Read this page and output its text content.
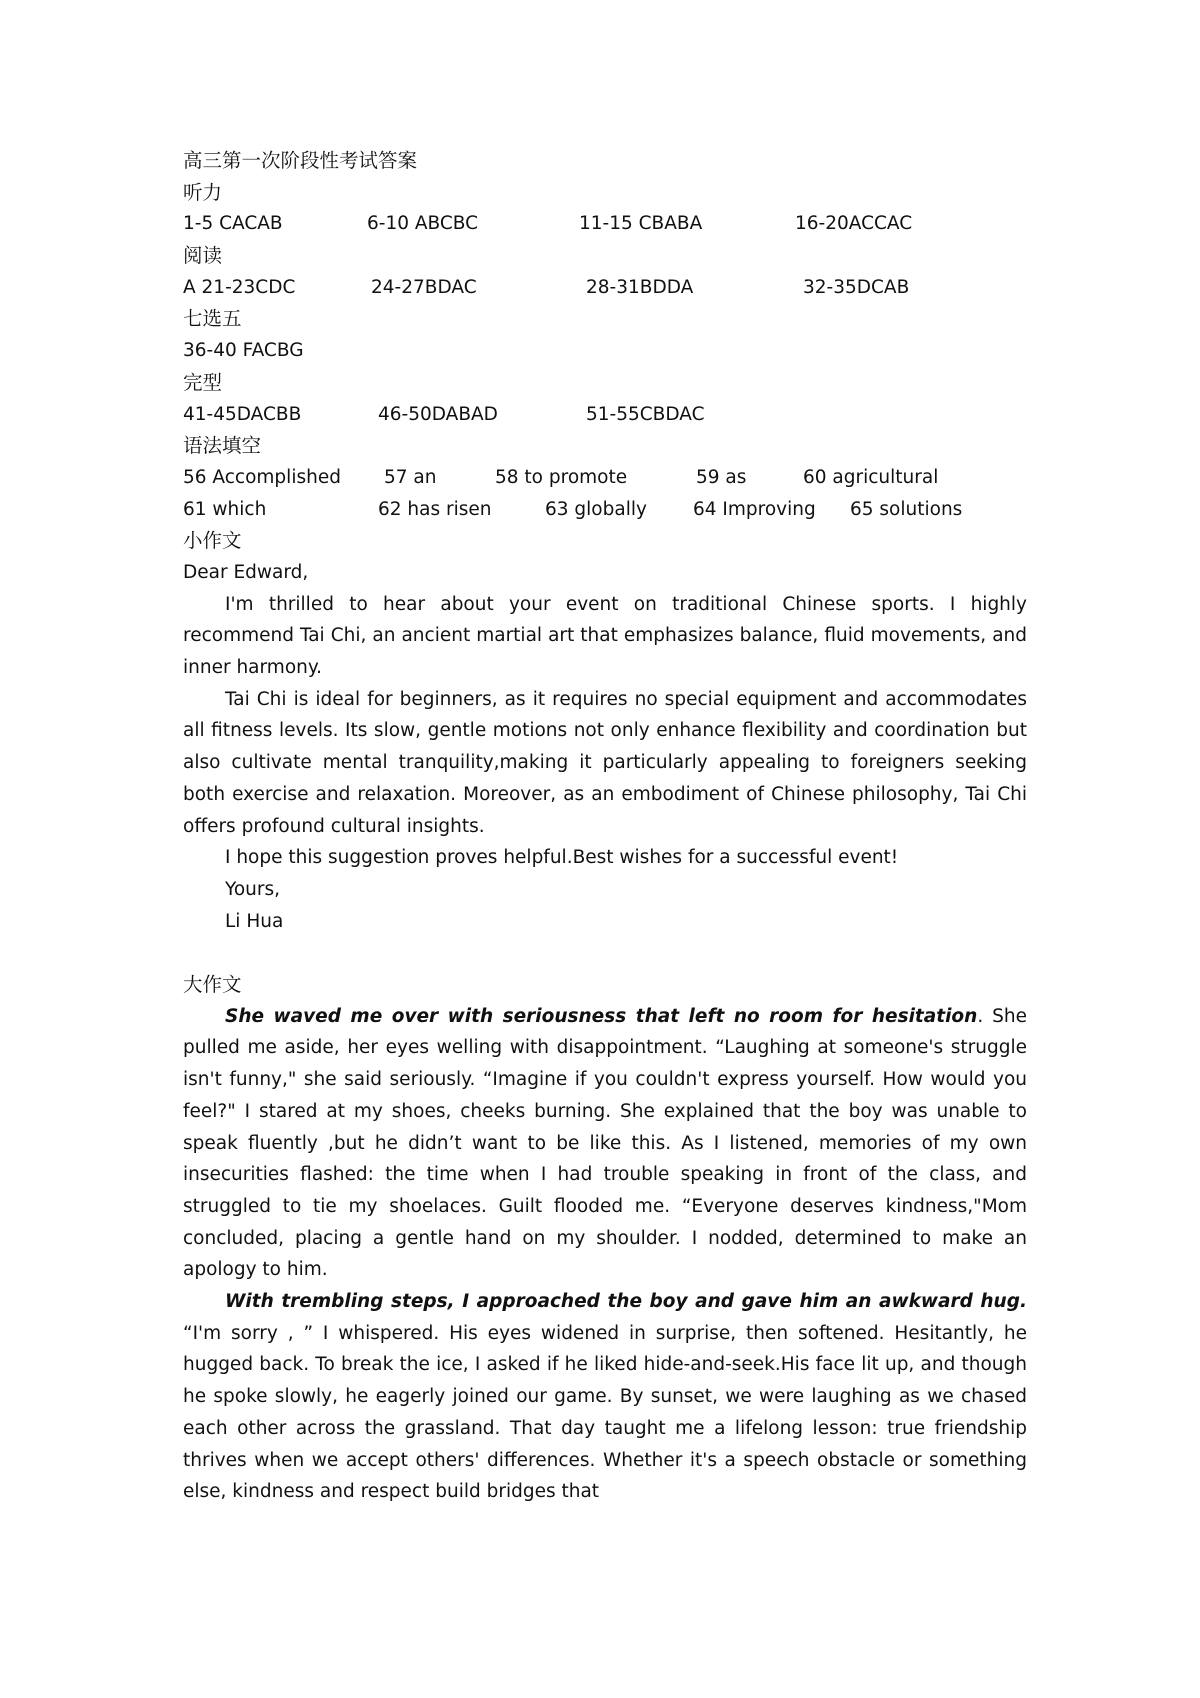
高三第一次阶段性考试答案
听力
1-5 CACAB	6-10 ABCBC	11-15 CBABA	16-20ACCAC
阅读
A 21-23CDC	24-27BDAC	28-31BDDA	32-35DCAB
七选五
36-40 FACBG
完型
41-45DACBB	46-50DABAD	51-55CBDAC
语法填空
56 Accomplished 57 an	58 to promote	59 as	60 agricultural
61 which	62 has risen	63 globally 64 Improving 65 solutions
小作文
Dear Edward,

I'm thrilled to hear about your event on traditional Chinese sports. I highly recommend Tai Chi, an ancient martial art that emphasizes balance, fluid movements, and inner harmony.

Tai Chi is ideal for beginners, as it requires no special equipment and accommodates all fitness levels. Its slow, gentle motions not only enhance flexibility and coordination but also cultivate mental tranquility,making it particularly appealing to foreigners seeking both exercise and relaxation. Moreover, as an embodiment of Chinese philosophy, Tai Chi offers profound cultural insights.

I hope this suggestion proves helpful.Best wishes for a successful event!

Yours,
Li Hua
大作文

She waved me over with seriousness that left no room for hesitation. She pulled me aside, her eyes welling with disappointment. “Laughing at someone's struggle isn't funny," she said seriously. “Imagine if you couldn't express yourself. How would you feel?" I stared at my shoes, cheeks burning. She explained that the boy was unable to speak fluently ,but he didn’t want to be like this. As I listened, memories of my own insecurities flashed: the time when I had trouble speaking in front of the class, and struggled to tie my shoelaces. Guilt flooded me. “Everyone deserves kindness,"Mom concluded, placing a gentle hand on my shoulder. I nodded, determined to make an apology to him.

With trembling steps, I approached the boy and gave him an awkward hug. “I'm sorry , ” I whispered. His eyes widened in surprise, then softened. Hesitantly, he hugged back. To break the ice, I asked if he liked hide-and-seek.His face lit up, and though he spoke slowly, he eagerly joined our game. By sunset, we were laughing as we chased each other across the grassland. That day taught me a lifelong lesson: true friendship thrives when we accept others' differences. Whether it's a speech obstacle or something else, kindness and respect build bridges that
